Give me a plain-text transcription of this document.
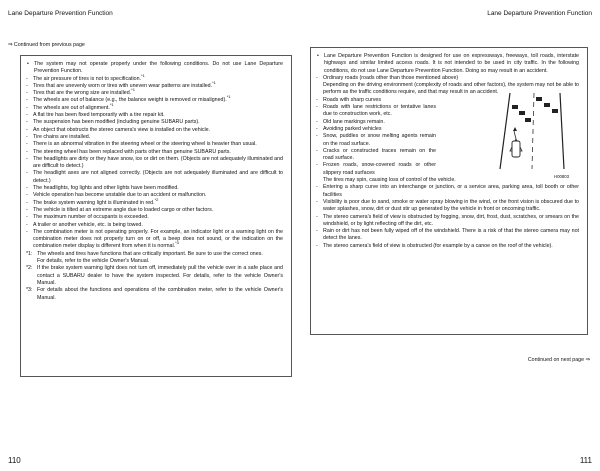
Lane Departure Prevention Function	Lane Departure Prevention Function
⇒ Continued from previous page

• The system may not operate properly under the following conditions. Do not use Lane Departure Prevention Function.

- The air pressure of tires is not to specification.$^{*1}$
- Tires that are unevenly worn or tires with uneven wear patterns are installed.$^{*1}$
- Tires that are the wrong size are installed.$^{*1}$
- The wheels are out of balance (e.g., the balance weight is removed or misaligned).$^{*1}$
- The wheels are out of alignment.$^{*1}$
- A flat tire has been fixed temporarily with a tire repair kit.
- The suspension has been modified (including genuine SUBARU parts).
- An object that obstructs the stereo camera's view is installed on the vehicle.
- Tire chains are installed.
- There is an abnormal vibration in the steering wheel or the steering wheel is heavier than usual.
- The steering wheel has been replaced with parts other than genuine SUBARU parts.
- The headlights are dirty or they have snow, ice or dirt on them. (Objects are not adequately illuminated and are difficult to detect.)
- The headlight axes are not aligned correctly. (Objects are not adequately illuminated and are difficult to detect.)
- The headlights, fog lights and other lights have been modified.
- Vehicle operation has become unstable due to an accident or malfunction.
- The brake system warning light is illuminated in red.$^{*2}$
- The vehicle is tilted at an extreme angle due to loaded cargo or other factors.
- The maximum number of occupants is exceeded.
- A trailer or another vehicle, etc. is being towed.
- The combination meter is not operating properly. For example, an indicator light or a warning light on the combination meter does not properly turn on or off, a beep does not sound, or the indication on the combination meter display is different from when it is normal.$^{*3}$
*1: The wheels and tires have functions that are critically important. Be sure to use the correct ones.
For details, refer to the vehicle Owner's Manual.
*2: If the brake system warning light does not turn off, immediately pull the vehicle over in a safe place and contact a SUBARU dealer to have the system inspected. For details, refer to the vehicle Owner's Manual.
*3: For details about the functions and operations of the combination meter, refer to the vehicle Owner's Manual.

• Lane Departure Prevention Function is designed for use on expressways, freeways, toll roads, interstate highways and similar limited access roads. It is not intended to be used in city traffic. In the following conditions, do not use Lane Departure Prevention Function. Doing so may result in an accident.

- Ordinary roads (roads other than those mentioned above)

Depending on the driving environment (complexity of roads and other factors), the system may not be able to perform as the traffic conditions require, and that may result in an accident.

- Roads with sharp curves
- Roads with lane restrictions or tentative lanes due to construction work, etc.
- Old lane markings remain.
- Avoiding parked vehicles
- Snow, puddles or snow melting agents remain on the road surface.
- Cracks or constructed traces remain on the road surface.
- Frozen roads, snow-covered roads or other slippery road surfaces

The tires may spin, causing loss of control of the vehicle.

H00803
- Entering a sharp curve into an interchange or junction, or a service area, parking area, toll booth or other facilities
- Visibility is poor due to sand, smoke or water spray blowing in the wind, or the front vision is obscured due to water splashes, snow, dirt or dust stir up generated by the vehicle in front or oncoming traffic.
- The stereo camera's field of view is obstructed by fogging, snow, dirt, frost, dust, scratches, or smears on the windshield, or by light reflecting off the dirt, etc.
- Rain or dirt has not been fully wiped off of the windshield. There is a risk of that the stereo camera may not detect the lanes.
- The stereo camera's field of view is obstructed (for example by a canoe on the roof of the vehicle).
Continued on next page ⇒
110	111
